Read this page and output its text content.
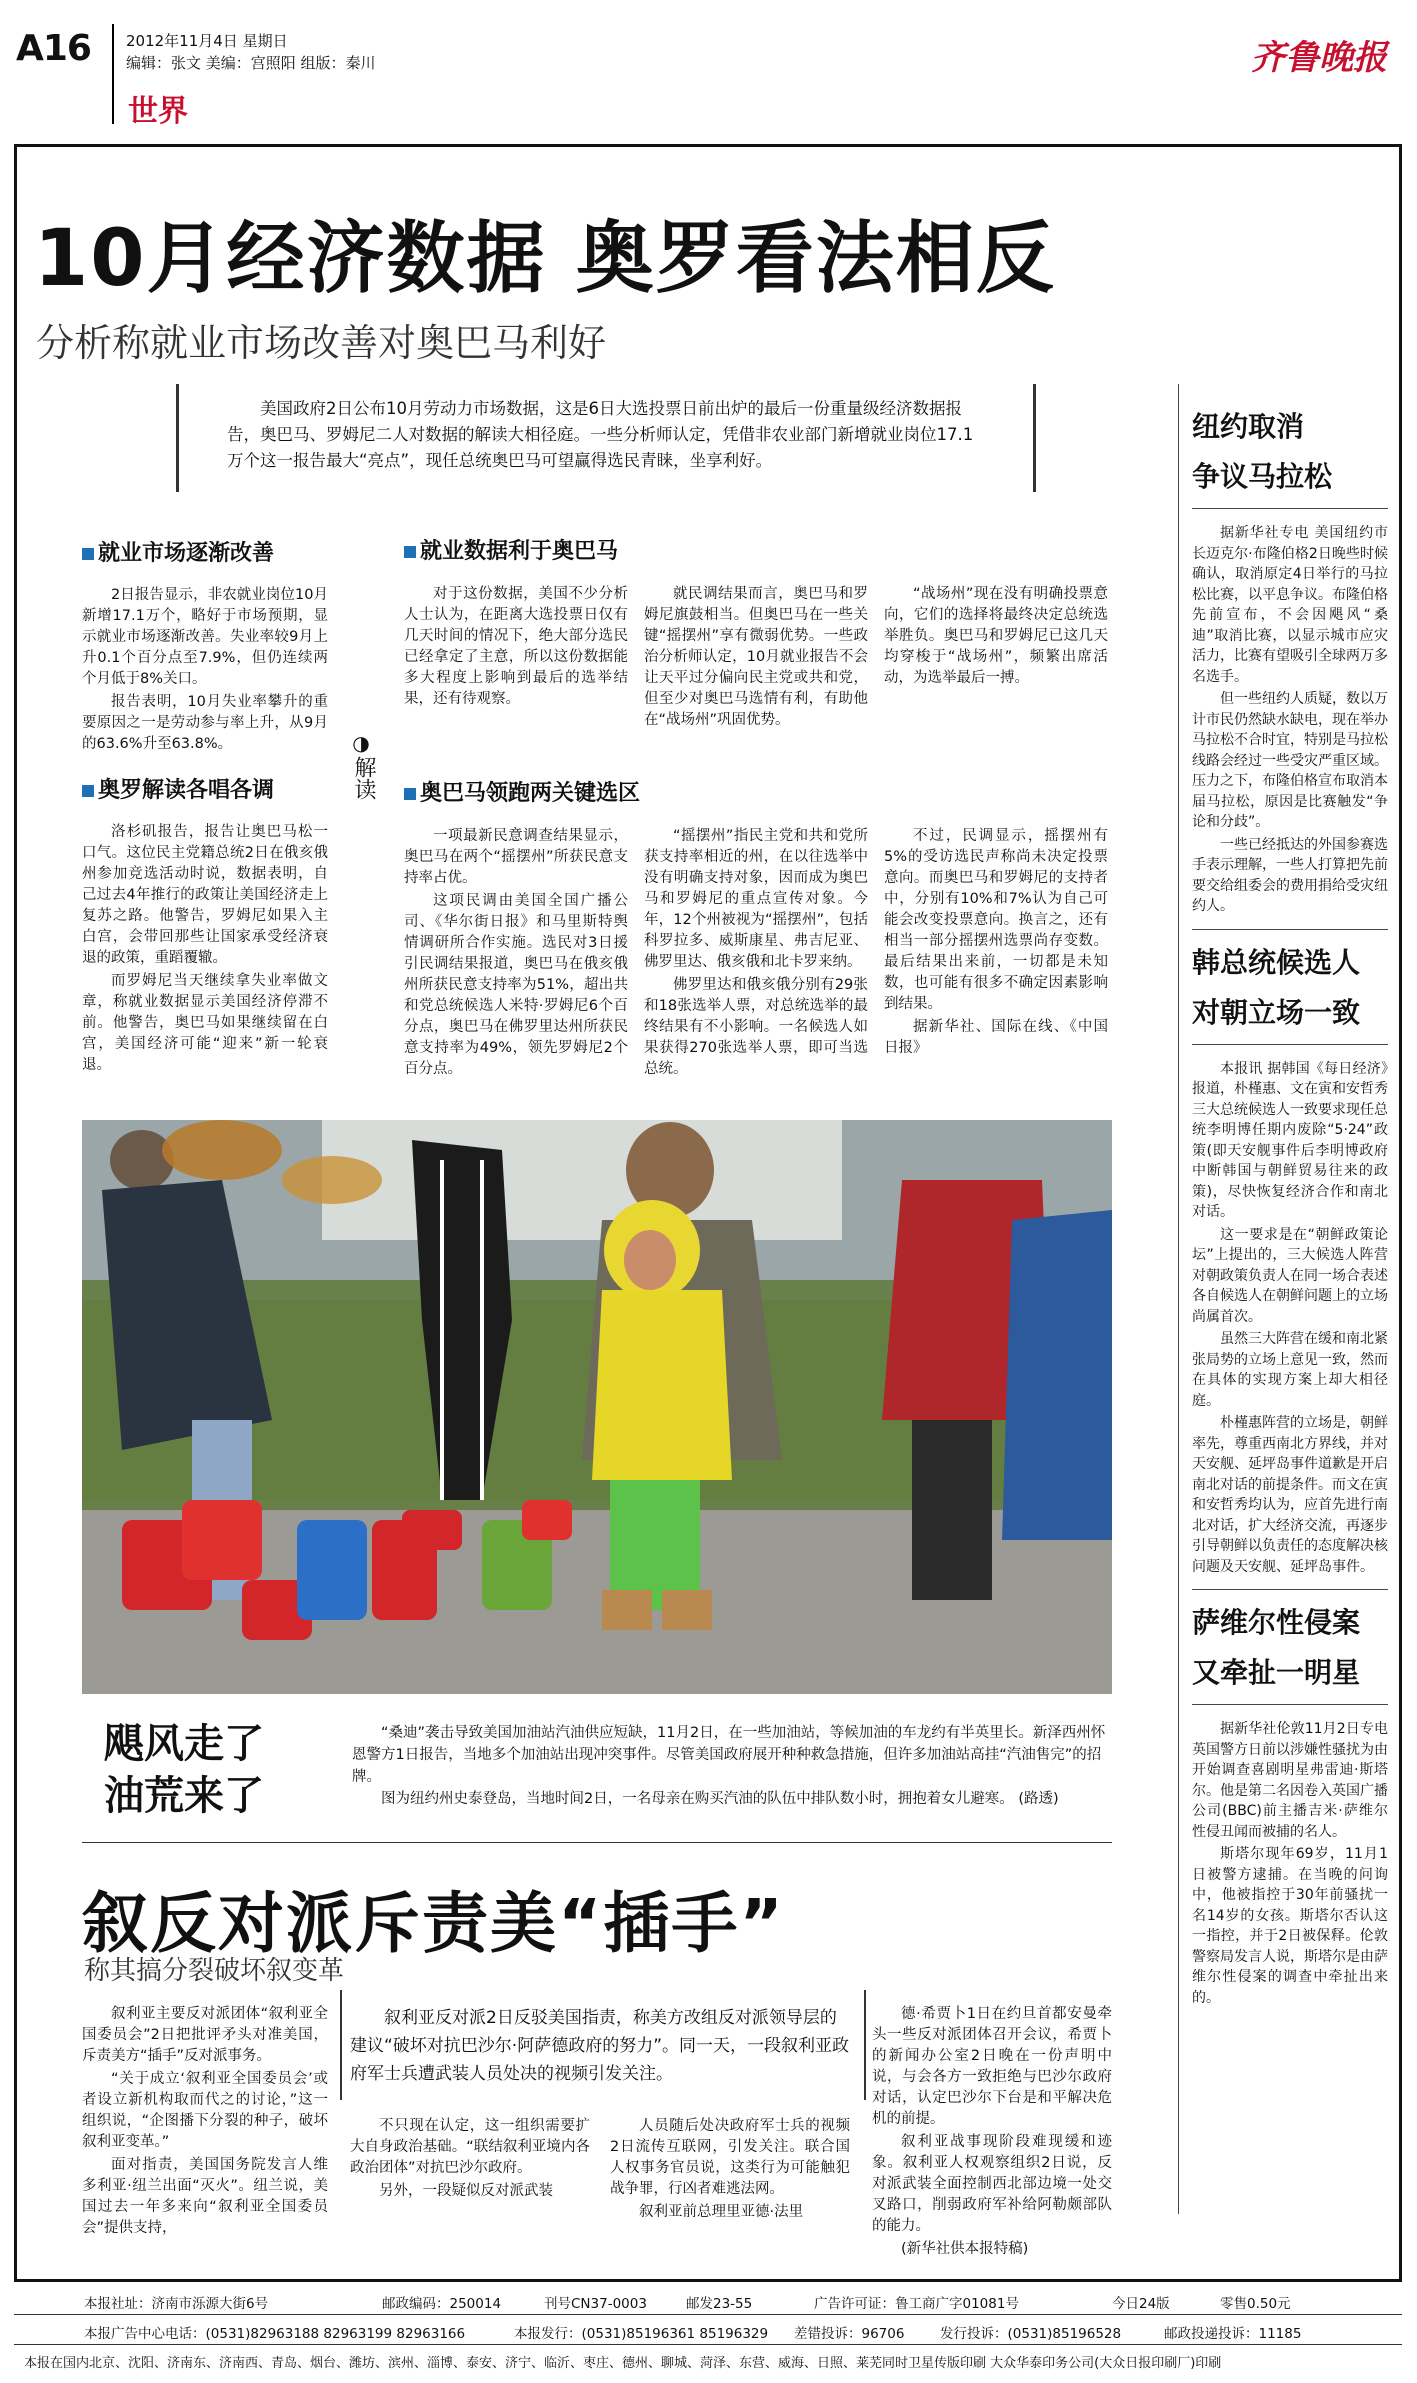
A16 2012年11月4日 星期日
编辑：张文 美编：宫照阳 组版：秦川
世界
齐鲁晚报
10月经济数据 奥罗看法相反
分析称就业市场改善对奥巴马利好

美国政府2日公布10月劳动力市场数据，这是6日大选投票日前出炉的最后一份重量级经济数据报告，奥巴马、罗姆尼二人对数据的解读大相径庭。一些分析师认定，凭借非农业部门新增就业岗位17.1万个这一报告最大“亮点”，现任总统奥巴马可望赢得选民青睐，坐享利好。

◑
解读
就业市场逐渐改善

2日报告显示，非农就业岗位10月新增17.1万个，略好于市场预期，显示就业市场逐渐改善。失业率较9月上升0.1个百分点至7.9%，但仍连续两个月低于8%关口。

报告表明，10月失业率攀升的重要原因之一是劳动参与率上升，从9月的63.6%升至63.8%。

奥罗解读各唱各调

洛杉矶报告，报告让奥巴马松一口气。这位民主党籍总统2日在俄亥俄州参加竞选活动时说，数据表明，自己过去4年推行的政策让美国经济走上复苏之路。他警告，罗姆尼如果入主白宫，会带回那些让国家承受经济衰退的政策，重蹈覆辙。

而罗姆尼当天继续拿失业率做文章，称就业数据显示美国经济停滞不前。他警告，奥巴马如果继续留在白宫，美国经济可能“迎来”新一轮衰退。

就业数据利于奥巴马

对于这份数据，美国不少分析人士认为，在距离大选投票日仅有几天时间的情况下，绝大部分选民已经拿定了主意，所以这份数据能多大程度上影响到最后的选举结果，还有待观察。

就民调结果而言，奥巴马和罗姆尼旗鼓相当。但奥巴马在一些关键“摇摆州”享有微弱优势。一些政治分析师认定，10月就业报告不会让天平过分偏向民主党或共和党，但至少对奥巴马选情有利，有助他在“战场州”巩固优势。

“战场州”现在没有明确投票意向，它们的选择将最终决定总统选举胜负。奥巴马和罗姆尼已这几天均穿梭于“战场州”，频繁出席活动，为选举最后一搏。

奥巴马领跑两关键选区

一项最新民意调查结果显示，奥巴马在两个“摇摆州”所获民意支持率占优。

这项民调由美国全国广播公司、《华尔街日报》和马里斯特舆情调研所合作实施。选民对3日援引民调结果报道，奥巴马在俄亥俄州所获民意支持率为51%，超出共和党总统候选人米特·罗姆尼6个百分点，奥巴马在佛罗里达州所获民意支持率为49%，领先罗姆尼2个百分点。

“摇摆州”指民主党和共和党所获支持率相近的州，在以往选举中没有明确支持对象，因而成为奥巴马和罗姆尼的重点宣传对象。今年，12个州被视为“摇摆州”，包括科罗拉多、威斯康星、弗吉尼亚、佛罗里达、俄亥俄和北卡罗来纳。

佛罗里达和俄亥俄分别有29张和18张选举人票，对总统选举的最终结果有不小影响。一名候选人如果获得270张选举人票，即可当选总统。

不过，民调显示，摇摆州有5%的受访选民声称尚未决定投票意向。而奥巴马和罗姆尼的支持者中，分别有10%和7%认为自己可能会改变投票意向。换言之，还有相当一部分摇摆州选票尚存变数。最后结果出来前，一切都是未知数，也可能有很多不确定因素影响到结果。

据新华社、国际在线、《中国日报》

纽约取消
争议马拉松

据新华社专电 美国纽约市长迈克尔·布隆伯格2日晚些时候确认，取消原定4日举行的马拉松比赛，以平息争议。布隆伯格先前宣布，不会因飓风“桑迪”取消比赛，以显示城市应灾活力，比赛有望吸引全球两万多名选手。

但一些纽约人质疑，数以万计市民仍然缺水缺电，现在举办马拉松不合时宜，特别是马拉松线路会经过一些受灾严重区域。压力之下，布隆伯格宣布取消本届马拉松，原因是比赛触发“争论和分歧”。

一些已经抵达的外国参赛选手表示理解，一些人打算把先前要交给组委会的费用捐给受灾纽约人。

韩总统候选人
对朝立场一致

本报讯 据韩国《每日经济》报道，朴槿惠、文在寅和安哲秀三大总统候选人一致要求现任总统李明博任期内废除“5·24”政策(即天安舰事件后李明博政府中断韩国与朝鲜贸易往来的政策)，尽快恢复经济合作和南北对话。

这一要求是在“朝鲜政策论坛”上提出的，三大候选人阵营对朝政策负责人在同一场合表述各自候选人在朝鲜问题上的立场尚属首次。

虽然三大阵营在缓和南北紧张局势的立场上意见一致，然而在具体的实现方案上却大相径庭。

朴槿惠阵营的立场是，朝鲜率先，尊重西南北方界线，并对天安舰、延坪岛事件道歉是开启南北对话的前提条件。而文在寅和安哲秀均认为，应首先进行南北对话，扩大经济交流，再逐步引导朝鲜以负责任的态度解决核问题及天安舰、延坪岛事件。

萨维尔性侵案
又牵扯一明星

据新华社伦敦11月2日专电 英国警方日前以涉嫌性骚扰为由开始调查喜剧明星弗雷迪·斯塔尔。他是第二名因卷入英国广播公司(BBC)前主播吉米·萨维尔性侵丑闻而被捕的名人。

斯塔尔现年69岁，11月1日被警方逮捕。在当晚的问询中，他被指控于30年前骚扰一名14岁的女孩。斯塔尔否认这一指控，并于2日被保释。伦敦警察局发言人说，斯塔尔是由萨维尔性侵案的调查中牵扯出来的。

飓风走了
油荒来了

“桑迪”袭击导致美国加油站汽油供应短缺，11月2日，在一些加油站，等候加油的车龙约有半英里长。新泽西州怀恩警方1日报告，当地多个加油站出现冲突事件。尽管美国政府展开种种救急措施，但许多加油站高挂“汽油售完”的招牌。

图为纽约州史泰登岛，当地时间2日，一名母亲在购买汽油的队伍中排队数小时，拥抱着女儿避寒。 (路透)

叙反对派斥责美“插手”
称其搞分裂破坏叙变革

叙利亚主要反对派团体“叙利亚全国委员会”2日把批评矛头对准美国，斥责美方“插手”反对派事务。

“关于成立‘叙利亚全国委员会’或者设立新机构取而代之的讨论，”这一组织说，“企图播下分裂的种子，破坏叙利亚变革。”

面对指责，美国国务院发言人维多利亚·纽兰出面“灭火”。纽兰说，美国过去一年多来向“叙利亚全国委员会”提供支持，

叙利亚反对派2日反驳美国指责，称美方改组反对派领导层的建议“破坏对抗巴沙尔·阿萨德政府的努力”。同一天，一段叙利亚政府军士兵遭武装人员处决的视频引发关注。

不只现在认定，这一组织需要扩大自身政治基础。“联结叙利亚境内各政治团体”对抗巴沙尔政府。

另外，一段疑似反对派武装

人员随后处决政府军士兵的视频2日流传互联网，引发关注。联合国人权事务官员说，这类行为可能触犯战争罪，行凶者难逃法网。

叙利亚前总理里亚德·法里

德·希贾卜1日在约旦首都安曼牵头一些反对派团体召开会议，希贾卜的新闻办公室2日晚在一份声明中说，与会各方一致拒绝与巴沙尔政府对话，认定巴沙尔下台是和平解决危机的前提。

叙利亚战事现阶段难现缓和迹象。叙利亚人权观察组织2日说，反对派武装全面控制西北部边境一处交叉路口，削弱政府军补给阿勒颇部队的能力。

(新华社供本报特稿)

本报社址：济南市泺源大街6号	邮政编码：250014	刊号CN37-0003	邮发23-55	广告许可证：鲁工商广字01081号	今日24版	零售0.50元
本报广告中心电话：(0531)82963188 82963199 82963166	本报发行：(0531)85196361 85196329 差错投诉：96706	发行投诉：(0531)85196528	邮政投递投诉：11185
本报在国内北京、沈阳、济南东、济南西、青岛、烟台、潍坊、滨州、淄博、泰安、济宁、临沂、枣庄、德州、聊城、菏泽、东营、威海、日照、莱芜同时卫星传版印刷 大众华泰印务公司(大众日报印刷厂)印刷
